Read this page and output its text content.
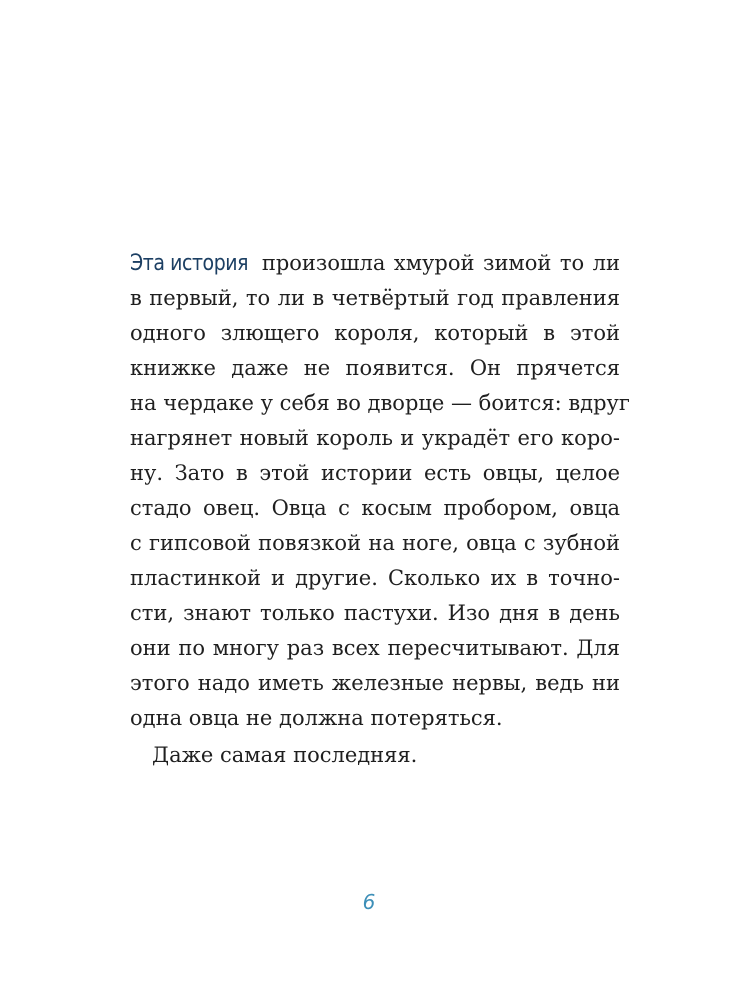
Эта история произошла хмурой зимой то ли
в первый, то ли в четвёртый год правления
одного злющего короля, который в этой
книжке даже не появится. Он прячется
на чердаке у себя во дворце — боится: вдруг
нагрянет новый король и украдёт его коро-
ну. Зато в этой истории есть овцы, целое
стадо овец. Овца с косым пробором, овца
с гипсовой повязкой на ноге, овца с зубной
пластинкой и другие. Сколько их в точно-
сти, знают только пастухи. Изо дня в день
они по многу раз всех пересчитывают. Для
этого надо иметь железные нервы, ведь ни
одна овца не должна потеряться.
Даже самая последняя.
6
